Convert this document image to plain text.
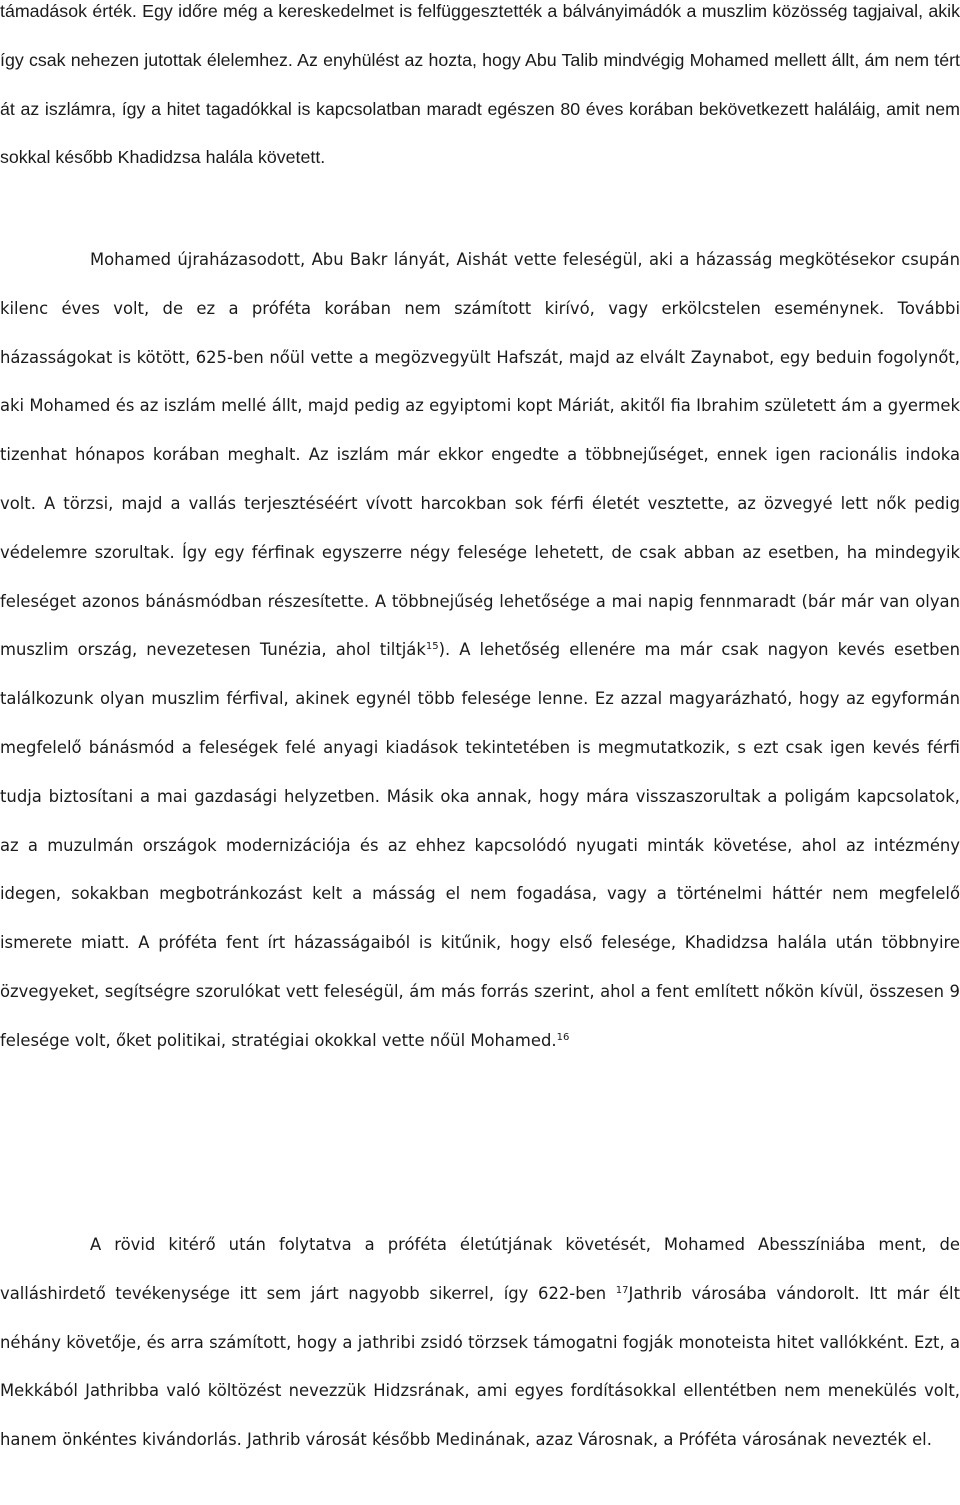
támadások érték. Egy időre még a kereskedelmet is felfüggesztették a bálványimádók a muszlim közösség tagjaival, akik így csak nehezen jutottak élelemhez. Az enyhülést az hozta, hogy Abu Talib mindvégig Mohamed mellett állt, ám nem tért át az iszlámra, így a hitet tagadókkal is kapcsolatban maradt egészen 80 éves korában bekövetkezett haláláig, amit nem sokkal később Khadidzsa halála követett.

Mohamed újraházasodott, Abu Bakr lányát, Aishát vette feleségül, aki a házasság megkötésekor csupán kilenc éves volt, de ez a próféta korában nem számított kirívó, vagy erkölcstelen eseménynek. További házasságokat is kötött, 625-ben nőül vette a megözvegyült Hafszát, majd az elvált Zaynabot, egy beduin fogolynőt, aki Mohamed és az iszlám mellé állt, majd pedig az egyiptomi kopt Máriát, akitől fia Ibrahim született ám a gyermek tizenhat hónapos korában meghalt. Az iszlám már ekkor engedte a többnejűséget, ennek igen racionális indoka volt. A törzsi, majd a vallás terjesztéséért vívott harcokban sok férfi életét vesztette, az özvegyé lett nők pedig védelemre szorultak. Így egy férfinak egyszerre négy felesége lehetett, de csak abban az esetben, ha mindegyik feleséget azonos bánásmódban részesítette. A többnejűség lehetősége a mai napig fennmaradt (bár már van olyan muszlim ország, nevezetesen Tunézia, ahol tiltják$^{15}$). A lehetőség ellenére ma már csak nagyon kevés esetben találkozunk olyan muszlim férfival, akinek egynél több felesége lenne. Ez azzal magyarázható, hogy az egyformán megfelelő bánásmód a feleségek felé anyagi kiadások tekintetében is megmutatkozik, s ezt csak igen kevés férfi tudja biztosítani a mai gazdasági helyzetben. Másik oka annak, hogy mára visszaszorultak a poligám kapcsolatok, az a muzulmán országok modernizációja és az ehhez kapcsolódó nyugati minták követése, ahol az intézmény idegen, sokakban megbotránkozást kelt a másság el nem fogadása, vagy a történelmi háttér nem megfelelő ismerete miatt. A próféta fent írt házasságaiból is kitűnik, hogy első felesége, Khadidzsa halála után többnyire özvegyeket, segítségre szorulókat vett feleségül, ám más forrás szerint, ahol a fent említett nőkön kívül, összesen 9 felesége volt, őket politikai, stratégiai okokkal vette nőül Mohamed.$^{16}$

A rövid kitérő után folytatva a próféta életútjának követését, Mohamed Abesszíniába ment, de valláshirdető tevékenysége itt sem járt nagyobb sikerrel, így 622-ben $^{17}$Jathrib városába vándorolt. Itt már élt néhány követője, és arra számított, hogy a jathribi zsidó törzsek támogatni fogják monoteista hitet vallókként. Ezt, a Mekkából Jathribba való költözést nevezzük Hidzsrának, ami egyes fordításokkal ellentétben nem menekülés volt, hanem önkéntes kivándorlás. Jathrib városát később Medinának, azaz Városnak, a Próféta városának nevezték el.
